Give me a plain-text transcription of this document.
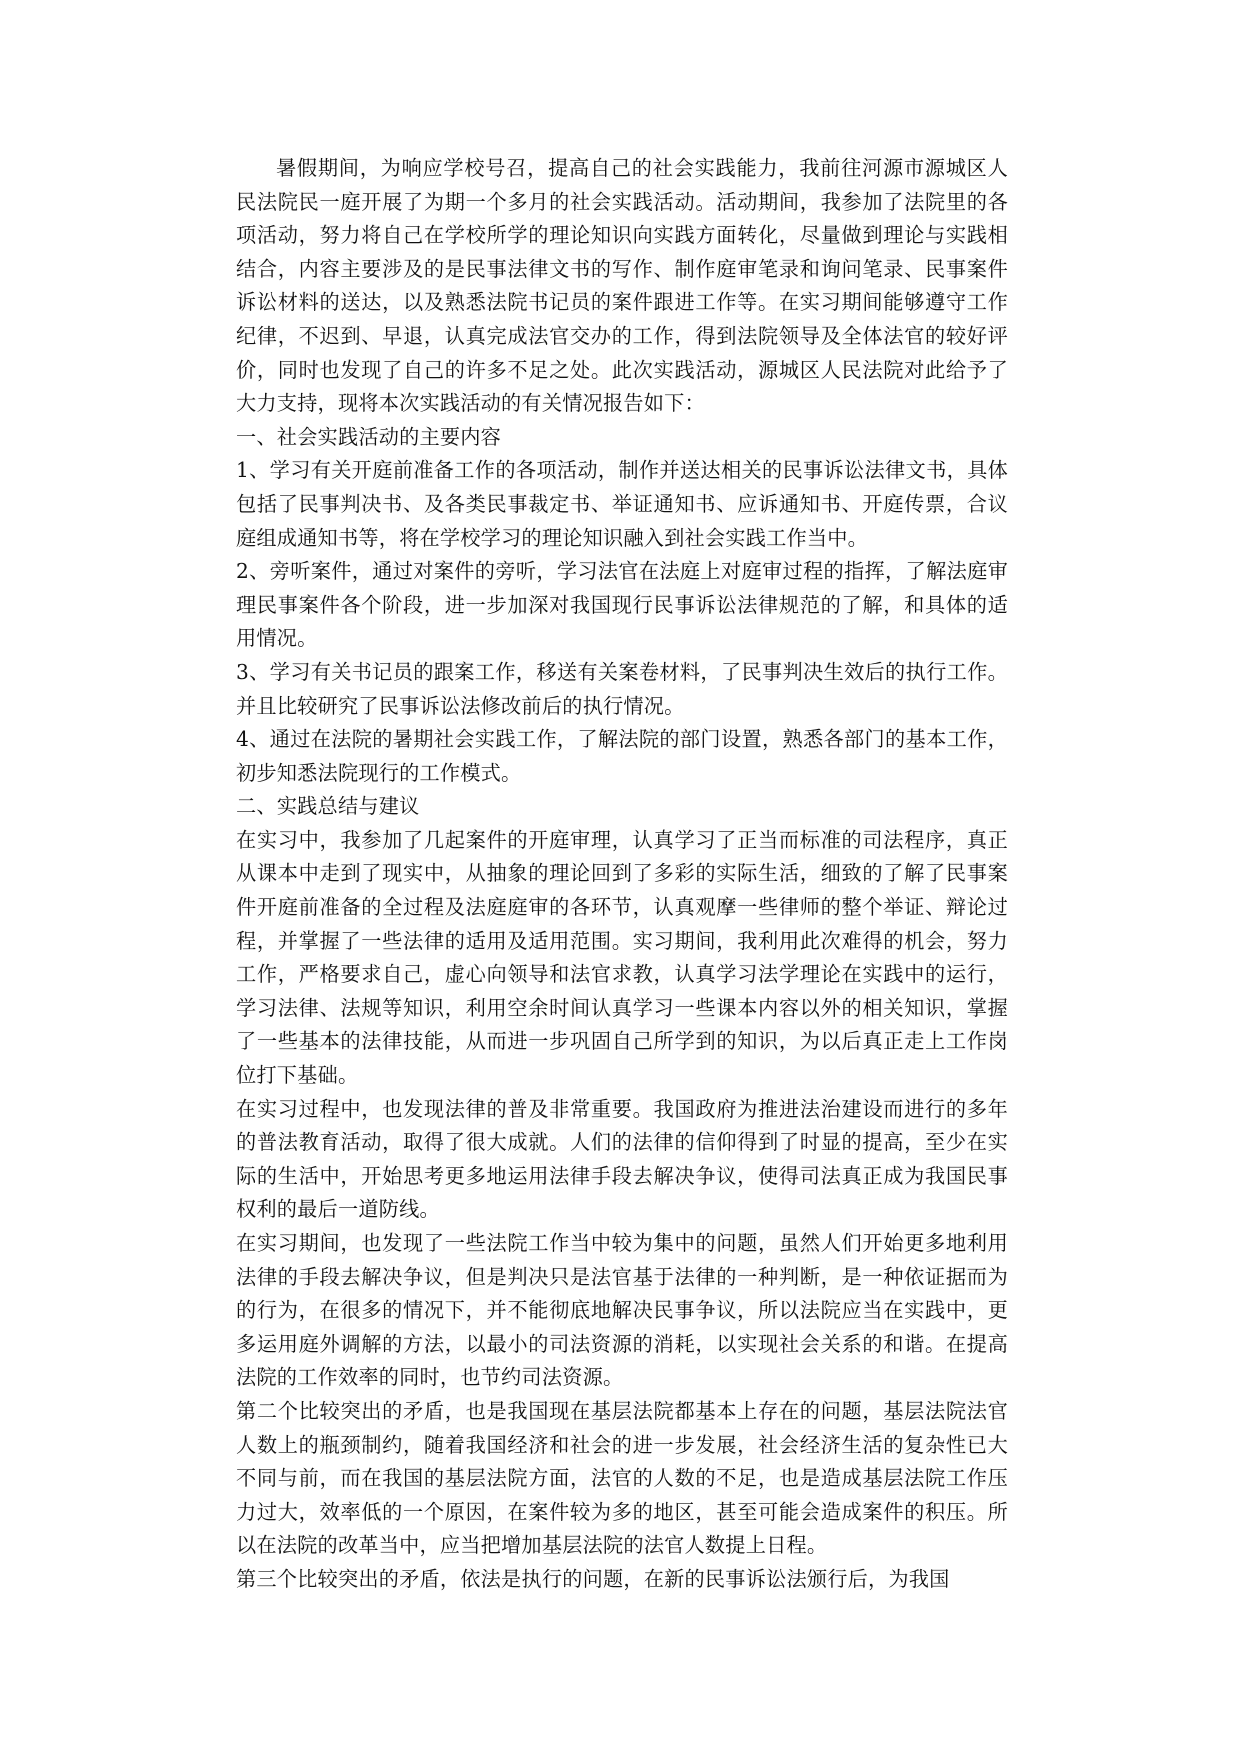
暑假期间，为响应学校号召，提高自己的社会实践能力，我前往河源市源城区人民法院民一庭开展了为期一个多月的社会实践活动。活动期间，我参加了法院里的各项活动，努力将自己在学校所学的理论知识向实践方面转化，尽量做到理论与实践相结合，内容主要涉及的是民事法律文书的写作、制作庭审笔录和询问笔录、民事案件诉讼材料的送达，以及熟悉法院书记员的案件跟进工作等。在实习期间能够遵守工作纪律，不迟到、早退，认真完成法官交办的工作，得到法院领导及全体法官的较好评价，同时也发现了自己的许多不足之处。此次实践活动，源城区人民法院对此给予了大力支持，现将本次实践活动的有关情况报告如下：

一、社会实践活动的主要内容

1、学习有关开庭前准备工作的各项活动，制作并送达相关的民事诉讼法律文书，具体包括了民事判决书、及各类民事裁定书、举证通知书、应诉通知书、开庭传票，合议庭组成通知书等，将在学校学习的理论知识融入到社会实践工作当中。

2、旁听案件，通过对案件的旁听，学习法官在法庭上对庭审过程的指挥，了解法庭审理民事案件各个阶段，进一步加深对我国现行民事诉讼法律规范的了解，和具体的适用情况。

3、学习有关书记员的跟案工作，移送有关案卷材料，了民事判决生效后的执行工作。并且比较研究了民事诉讼法修改前后的执行情况。

4、通过在法院的暑期社会实践工作，了解法院的部门设置，熟悉各部门的基本工作，初步知悉法院现行的工作模式。

二、实践总结与建议

在实习中，我参加了几起案件的开庭审理，认真学习了正当而标准的司法程序，真正从课本中走到了现实中，从抽象的理论回到了多彩的实际生活，细致的了解了民事案件开庭前准备的全过程及法庭庭审的各环节，认真观摩一些律师的整个举证、辩论过程，并掌握了一些法律的适用及适用范围。实习期间，我利用此次难得的机会，努力工作，严格要求自己，虚心向领导和法官求教，认真学习法学理论在实践中的运行，学习法律、法规等知识，利用空余时间认真学习一些课本内容以外的相关知识，掌握了一些基本的法律技能，从而进一步巩固自己所学到的知识，为以后真正走上工作岗位打下基础。

在实习过程中，也发现法律的普及非常重要。我国政府为推进法治建设而进行的多年的普法教育活动，取得了很大成就。人们的法律的信仰得到了时显的提高，至少在实际的生活中，开始思考更多地运用法律手段去解决争议，使得司法真正成为我国民事权利的最后一道防线。

在实习期间，也发现了一些法院工作当中较为集中的问题，虽然人们开始更多地利用法律的手段去解决争议，但是判决只是法官基于法律的一种判断，是一种依证据而为的行为，在很多的情况下，并不能彻底地解决民事争议，所以法院应当在实践中，更多运用庭外调解的方法，以最小的司法资源的消耗，以实现社会关系的和谐。在提高法院的工作效率的同时，也节约司法资源。

第二个比较突出的矛盾，也是我国现在基层法院都基本上存在的问题，基层法院法官人数上的瓶颈制约，随着我国经济和社会的进一步发展，社会经济生活的复杂性已大不同与前，而在我国的基层法院方面，法官的人数的不足，也是造成基层法院工作压力过大，效率低的一个原因，在案件较为多的地区，甚至可能会造成案件的积压。所以在法院的改革当中，应当把增加基层法院的法官人数提上日程。

第三个比较突出的矛盾，依法是执行的问题，在新的民事诉讼法颁行后，为我国
